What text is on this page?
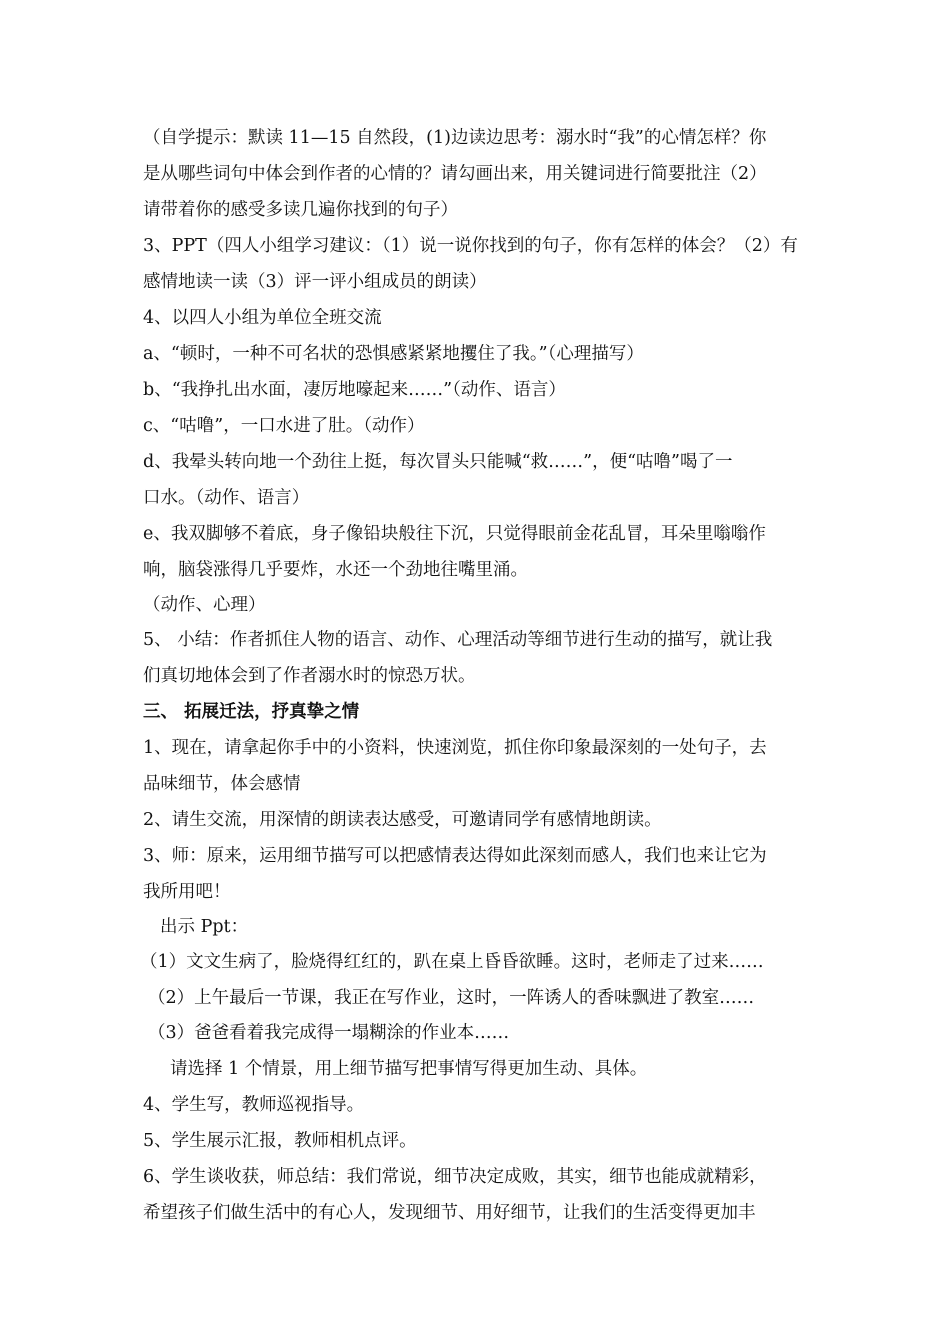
（自学提示：默读 11—15 自然段，(1)边读边思考：溺水时“我”的心情怎样？你
是从哪些词句中体会到作者的心情的？请勾画出来，用关键词进行简要批注（2）
请带着你的感受多读几遍你找到的句子）
3、PPT（四人小组学习建议：（1）说一说你找到的句子，你有怎样的体会？（2）有
感情地读一读（3）评一评小组成员的朗读）
4、以四人小组为单位全班交流
a、“顿时，一种不可名状的恐惧感紧紧地攫住了我。”（心理描写）
b、“我挣扎出水面，凄厉地嚎起来……”（动作、语言）
c、“咕噜”，一口水进了肚。（动作）
d、我晕头转向地一个劲往上挺，每次冒头只能喊“救……”，便“咕噜”喝了一
口水。（动作、语言）
e、我双脚够不着底，身子像铅块般往下沉，只觉得眼前金花乱冒，耳朵里嗡嗡作
响，脑袋涨得几乎要炸，水还一个劲地往嘴里涌。
（动作、心理）
5、 小结：作者抓住人物的语言、动作、心理活动等细节进行生动的描写，就让我
们真切地体会到了作者溺水时的惊恐万状。
三、 拓展迁法，抒真挚之情
1、现在，请拿起你手中的小资料，快速浏览，抓住你印象最深刻的一处句子，去
品味细节，体会感情
2、请生交流，用深情的朗读表达感受，可邀请同学有感情地朗读。
3、师：原来，运用细节描写可以把感情表达得如此深刻而感人，我们也来让它为
我所用吧！
出示 Ppt：
（1）文文生病了，脸烧得红红的，趴在桌上昏昏欲睡。这时，老师走了过来……
（2）上午最后一节课，我正在写作业，这时，一阵诱人的香味飘进了教室……
（3）爸爸看着我完成得一塌糊涂的作业本……
请选择 1 个情景，用上细节描写把事情写得更加生动、具体。
4、学生写，教师巡视指导。
5、学生展示汇报，教师相机点评。
6、学生谈收获，师总结：我们常说，细节决定成败，其实，细节也能成就精彩，
希望孩子们做生活中的有心人，发现细节、用好细节，让我们的生活变得更加丰
